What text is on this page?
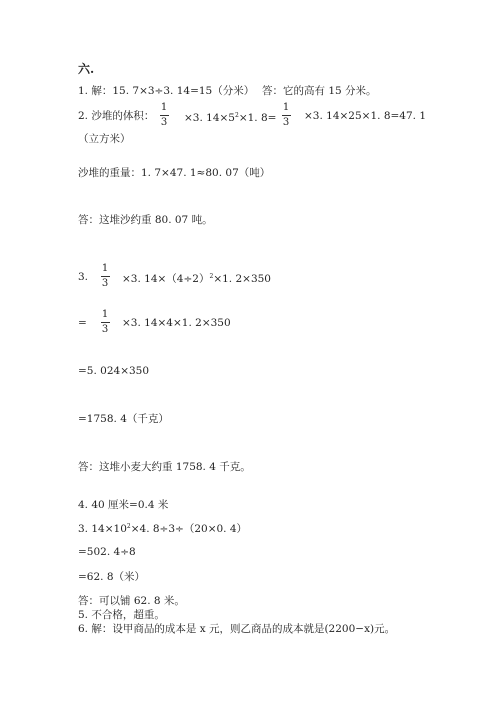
六.
1. 解：15. 7×3÷3. 14=15（分米） 答：它的高有 15 分米。
2. 沙堆的体积：
1
3 ×3. $14\times 5^2\times 1$. 8=
1
3
×3. 14×25×1. 8=47. 1
（立方米）
沙堆的重量：1. 7×47. 1≈80. 07（吨）
答：这堆沙约重 80. 07 吨。
3.
1
3 ×3. $14\times(4\div 2)^2\times 1$. 2×350
=
1
3
×3. 14×4×1. 2×350
=5. 024×350
=1758. 4（千克）
答：这堆小麦大约重 1758. 4 千克。
4. 40 厘米=0.4 米
3. $14\times 10^2\times 4$. 8÷3÷（20×0. 4）
=502. 4÷8
=62. 8（米）
答：可以铺 62. 8 米。
5. 不合格，超重。
6. 解：设甲商品的成本是 x 元，则乙商品的成本就是(2200−x)元。
